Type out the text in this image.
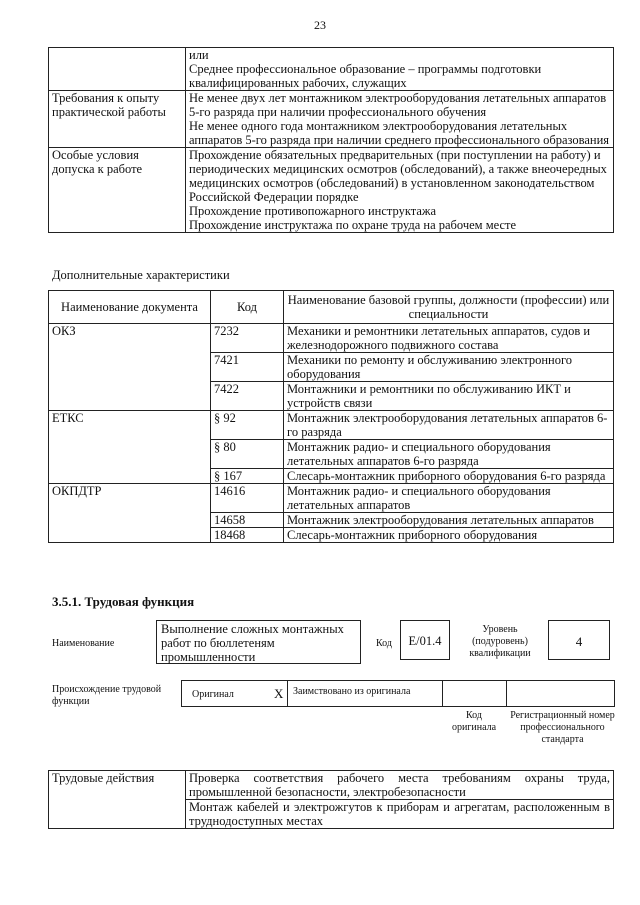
23

	или
Среднее профессиональное образование – программы подготовки
квалифицированных рабочих, служащих

Требования к опыту практической работы	Не менее двух лет монтажником электрооборудования летательных аппаратов 5-го разряда при наличии профессионального обучения
Не менее одного года монтажником электрооборудования летательных аппаратов 5-го разряда при наличии среднего профессионального образования

Особые условия допуска к работе	Прохождение обязательных предварительных (при поступлении на работу) и периодических медицинских осмотров (обследований), а также внеочередных медицинских осмотров (обследований) в установленном законодательством Российской Федерации порядке
Прохождение противопожарного инструктажа
Прохождение инструктажа по охране труда на рабочем месте
Дополнительные характеристики
Наименование документа	Код	Наименование базовой группы, должности (профессии) или специальности
ОКЗ	7232	Механики и ремонтники летательных аппаратов, судов и железнодорожного подвижного состава
	7421	Механики по ремонту и обслуживанию электронного оборудования
	7422	Монтажники и ремонтники по обслуживанию ИКТ и устройств связи
ЕТКС	§ 92	Монтажник электрооборудования летательных аппаратов 6-го разряда
	§ 80	Монтажник радио- и специального оборудования летательных аппаратов 6-го разряда
	§ 167	Слесарь-монтажник приборного оборудования 6-го разряда
ОКПДТР	14616	Монтажник радио- и специального оборудования летательных аппаратов
	14658	Монтажник электрооборудования летательных аппаратов
	18468	Слесарь-монтажник приборного оборудования
3.5.1. Трудовая функция
Наименование
Выполнение сложных монтажных работ по бюллетеням промышленности
Код	E/01.4
Уровень (подуровень) квалификации
4
Происхождение трудовой функции
Оригинал	X Заимствовано из оригинала
Код оригинала
Регистрационный номер профессионального стандарта
Трудовые действия	Проверка соответствия рабочего места требованиям охраны труда, промышленной безопасности, электробезопасности
Монтаж кабелей и электрожгутов к приборам и агрегатам, расположенным в труднодоступных местах
